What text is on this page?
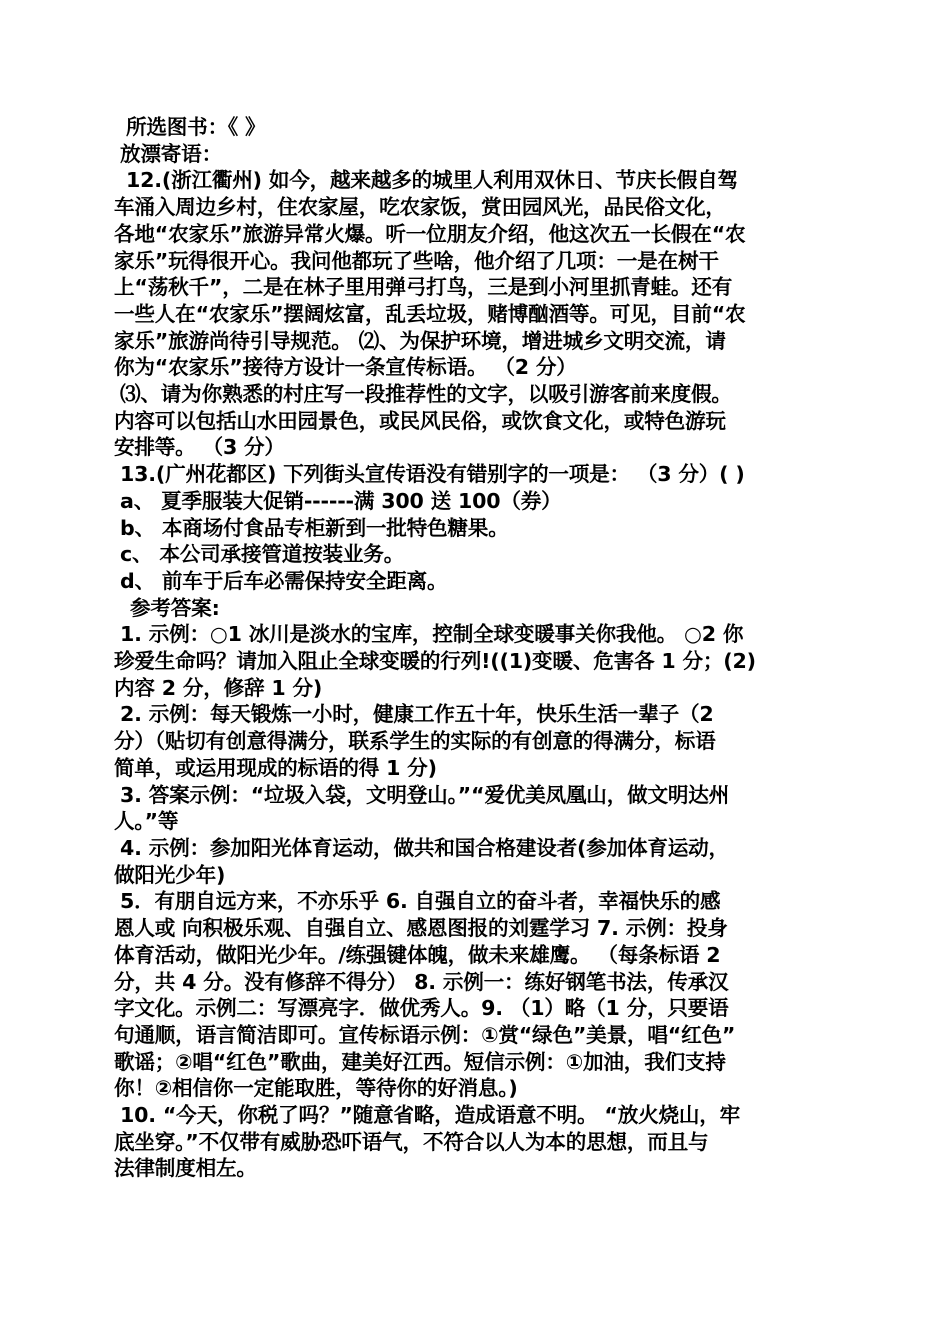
所选图书：《 》
放漂寄语：
12.(浙江衢州) 如今，越来越多的城里人利用双休日、节庆长假自驾
车涌入周边乡村，住农家屋，吃农家饭，赏田园风光，品民俗文化，
各地“农家乐”旅游异常火爆。听一位朋友介绍，他这次五一长假在“农
家乐”玩得很开心。我问他都玩了些啥，他介绍了几项：一是在树干
上“荡秋千”，二是在林子里用弹弓打鸟，三是到小河里抓青蛙。还有
一些人在“农家乐”摆阔炫富，乱丢垃圾，赌博酗酒等。可见，目前“农
家乐”旅游尚待引导规范。 ⑵、为保护环境，增进城乡文明交流，请
你为“农家乐”接待方设计一条宣传标语。 （2 分）
⑶、请为你熟悉的村庄写一段推荐性的文字，以吸引游客前来度假。
内容可以包括山水田园景色，或民风民俗，或饮食文化，或特色游玩
安排等。 （3 分）
13.(广州花都区) 下列街头宣传语没有错别字的一项是： （3 分）( )
a、 夏季服装大促销------满 300 送 100（券）
b、 本商场付食品专柜新到一批特色糖果。
c、 本公司承接管道按装业务。
d、 前车于后车必需保持安全距离。
参考答案:
1. 示例：○1 冰川是淡水的宝库，控制全球变暖事关你我他。 ○2 你
珍爱生命吗？请加入阻止全球变暖的行列!((1)变暖、危害各 1 分；(2)
内容 2 分，修辞 1 分)
2. 示例：每天锻炼一小时，健康工作五十年，快乐生活一辈子（2
分）（贴切有创意得满分，联系学生的实际的有创意的得满分，标语
简单，或运用现成的标语的得 1 分)
3. 答案示例：“垃圾入袋，文明登山。”“爱优美凤凰山，做文明达州
人。”等
4. 示例：参加阳光体育运动，做共和国合格建设者(参加体育运动，
做阳光少年)
5．有朋自远方来，不亦乐乎 6. 自强自立的奋斗者，幸福快乐的感
恩人或 向积极乐观、自强自立、感恩图报的刘霆学习 7. 示例：投身
体育活动，做阳光少年。/练强键体魄，做未来雄鹰。 （每条标语 2
分，共 4 分。没有修辞不得分） 8. 示例一：练好钢笔书法，传承汉
字文化。示例二：写漂亮字．做优秀人。9. （1）略（1 分，只要语
句通顺，语言简洁即可。宣传标语示例：①赏“绿色”美景，唱“红色”
歌谣；②唱“红色”歌曲，建美好江西。短信示例：①加油，我们支持
你！②相信你一定能取胜，等待你的好消息。)
10. “今天，你税了吗？”随意省略，造成语意不明。 “放火烧山，牢
底坐穿。”不仅带有威胁恐吓语气，不符合以人为本的思想，而且与
法律制度相左。
